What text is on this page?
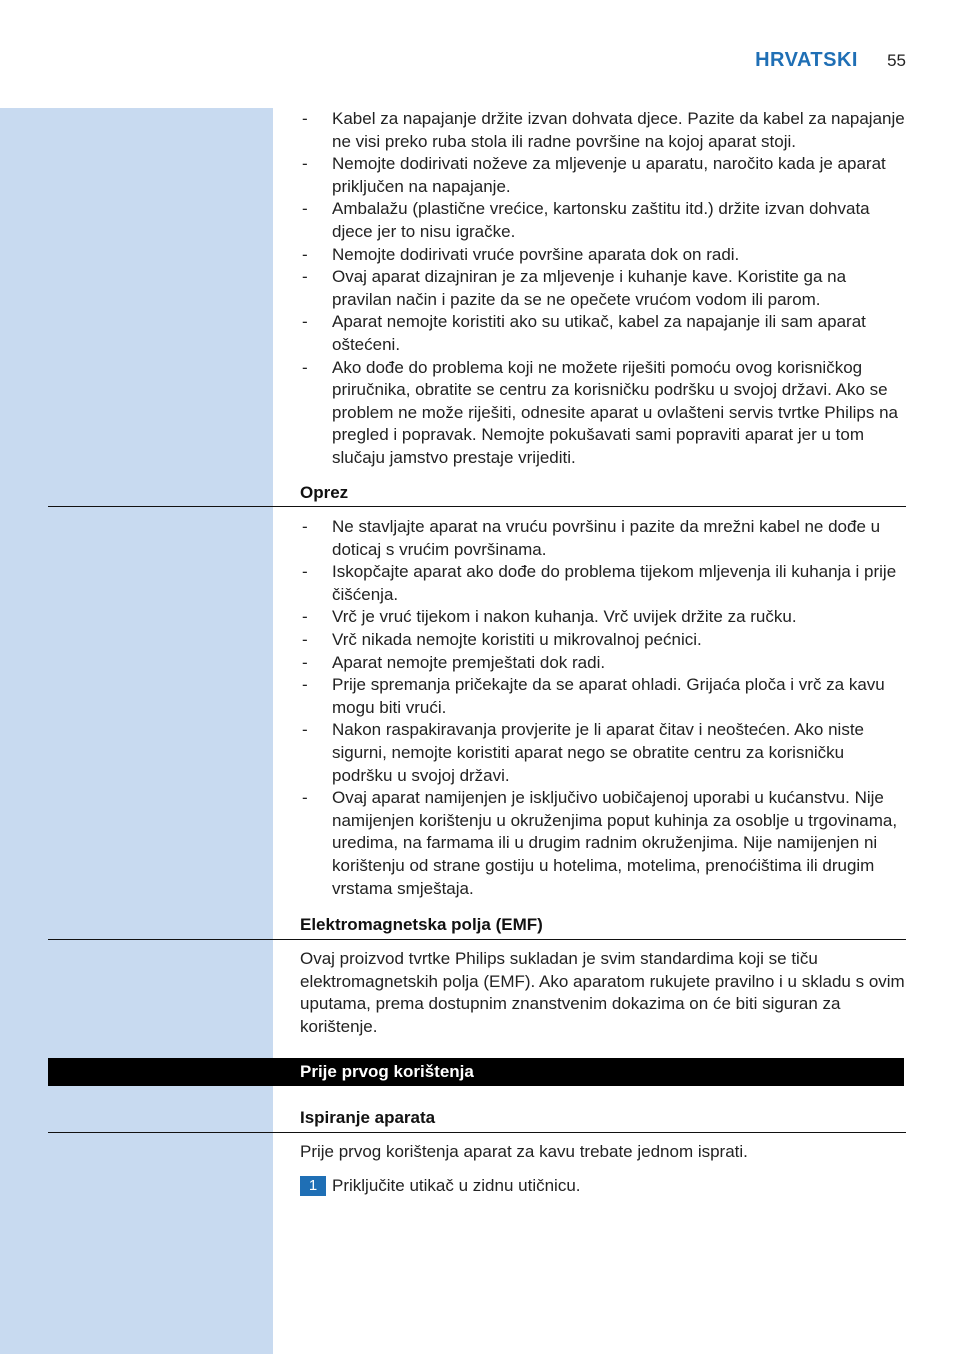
HRVATSKI 55
- Kabel za napajanje držite izvan dohvata djece. Pazite da kabel za napajanje ne visi preko ruba stola ili radne površine na kojoj aparat stoji.
- Nemojte dodirivati noževe za mljevenje u aparatu, naročito kada je aparat priključen na napajanje.
- Ambalažu (plastične vrećice, kartonsku zaštitu itd.) držite izvan dohvata djece jer to nisu igračke.
- Nemojte dodirivati vruće površine aparata dok on radi.
- Ovaj aparat dizajniran je za mljevenje i kuhanje kave. Koristite ga na pravilan način i pazite da se ne opečete vrućom vodom ili parom.
- Aparat nemojte koristiti ako su utikač, kabel za napajanje ili sam aparat oštećeni.
- Ako dođe do problema koji ne možete riješiti pomoću ovog korisničkog priručnika, obratite se centru za korisničku podršku u svojoj državi. Ako se problem ne može riješiti, odnesite aparat u ovlašteni servis tvrtke Philips na pregled i popravak. Nemojte pokušavati sami popraviti aparat jer u tom slučaju jamstvo prestaje vrijediti.
Oprez
- Ne stavljajte aparat na vruću površinu i pazite da mrežni kabel ne dođe u doticaj s vrućim površinama.
- Iskopčajte aparat ako dođe do problema tijekom mljevenja ili kuhanja i prije čišćenja.
- Vrč je vruć tijekom i nakon kuhanja. Vrč uvijek držite za ručku.
- Vrč nikada nemojte koristiti u mikrovalnoj pećnici.
- Aparat nemojte premještati dok radi.
- Prije spremanja pričekajte da se aparat ohladi. Grijaća ploča i vrč za kavu mogu biti vrući.
- Nakon raspakiravanja provjerite je li aparat čitav i neoštećen. Ako niste sigurni, nemojte koristiti aparat nego se obratite centru za korisničku podršku u svojoj državi.
- Ovaj aparat namijenjen je isključivo uobičajenoj uporabi u kućanstvu. Nije namijenjen korištenju u okruženjima poput kuhinja za osoblje u trgovinama, uredima, na farmama ili u drugim radnim okruženjima. Nije namijenjen ni korištenju od strane gostiju u hotelima, motelima, prenoćištima ili drugim vrstama smještaja.
Elektromagnetska polja (EMF)
Ovaj proizvod tvrtke Philips sukladan je svim standardima koji se tiču elektromagnetskih polja (EMF). Ako aparatom rukujete pravilno i u skladu s ovim uputama, prema dostupnim znanstvenim dokazima on će biti siguran za korištenje.
Prije prvog korištenja
Ispiranje aparata
Prije prvog korištenja aparat za kavu trebate jednom isprati.
1 Priključite utikač u zidnu utičnicu.
